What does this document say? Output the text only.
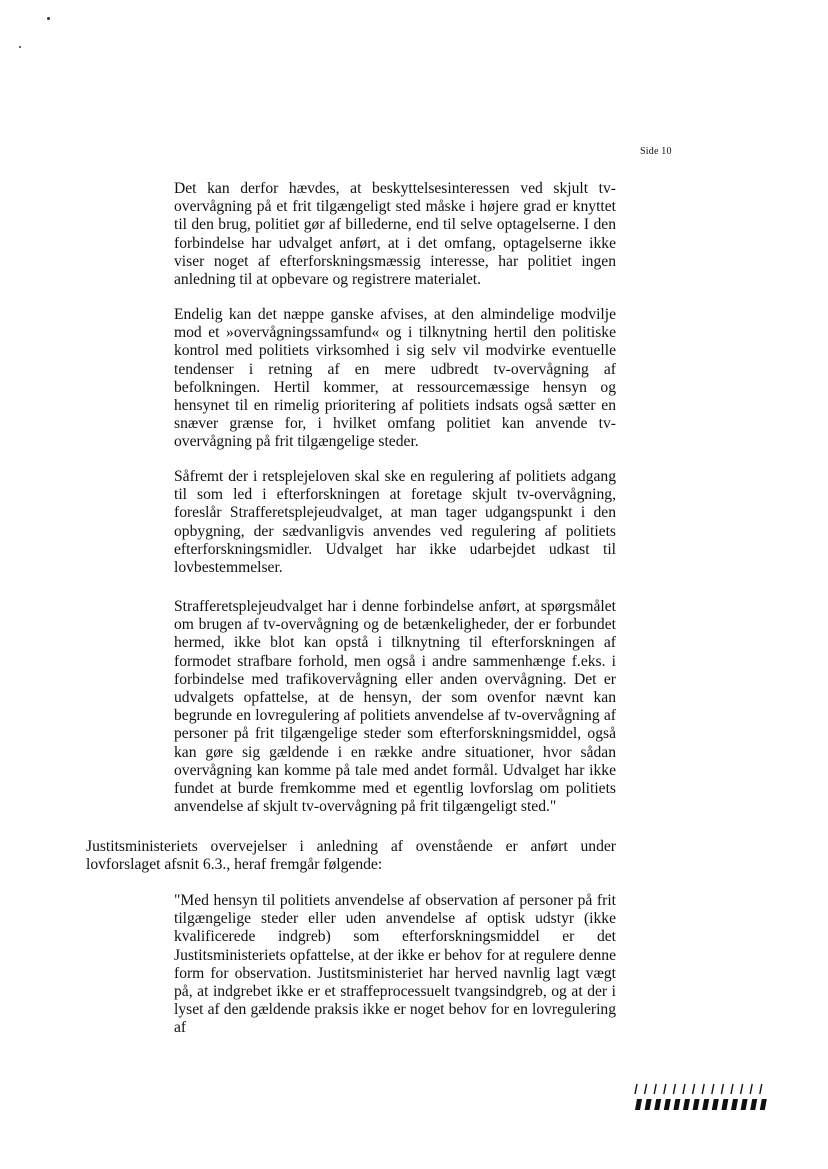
Side 10

Det kan derfor hævdes, at beskyttelsesinteressen ved skjult tv-overvågning på et frit tilgængeligt sted måske i højere grad er knyttet til den brug, politiet gør af billederne, end til selve optagelserne. I den forbindelse har udvalget anført, at i det omfang, optagelserne ikke viser noget af efterforskningsmæssig interesse, har politiet ingen anledning til at opbevare og registrere materialet.

Endelig kan det næppe ganske afvises, at den almindelige modvilje mod et »overvågningssamfund« og i tilknytning hertil den politiske kontrol med politiets virksomhed i sig selv vil modvirke eventuelle tendenser i retning af en mere udbredt tv-overvågning af befolkningen. Hertil kommer, at ressourcemæssige hensyn og hensynet til en rimelig prioritering af politiets indsats også sætter en snæver grænse for, i hvilket omfang politiet kan anvende tv-overvågning på frit tilgængelige steder.

Såfremt der i retsplejeloven skal ske en regulering af politiets adgang til som led i efterforskningen at foretage skjult tv-overvågning, foreslår Strafferetsplejeudvalget, at man tager udgangspunkt i den opbygning, der sædvanligvis anvendes ved regulering af politiets efterforskningsmidler. Udvalget har ikke udarbejdet udkast til lovbestemmelser.

Strafferetsplejeudvalget har i denne forbindelse anført, at spørgsmålet om brugen af tv-overvågning og de betænkeligheder, der er forbundet hermed, ikke blot kan opstå i tilknytning til efterforskningen af formodet strafbare forhold, men også i andre sammenhænge f.eks. i forbindelse med trafikovervågning eller anden overvågning. Det er udvalgets opfattelse, at de hensyn, der som ovenfor nævnt kan begrunde en lovregulering af politiets anvendelse af tv-overvågning af personer på frit tilgængelige steder som efterforskningsmiddel, også kan gøre sig gældende i en række andre situationer, hvor sådan overvågning kan komme på tale med andet formål. Udvalget har ikke fundet at burde fremkomme med et egentlig lovforslag om politiets anvendelse af skjult tv-overvågning på frit tilgængeligt sted."

Justitsministeriets overvejelser i anledning af ovenstående er anført under lovforslaget afsnit 6.3., heraf fremgår følgende:

"Med hensyn til politiets anvendelse af observation af personer på frit tilgængelige steder eller uden anvendelse af optisk udstyr (ikke kvalificerede indgreb) som efterforskningsmiddel er det Justitsministeriets opfattelse, at der ikke er behov for at regulere denne form for observation. Justitsministeriet har herved navnlig lagt vægt på, at indgrebet ikke er et straffeprocessuelt tvangsindgreb, og at der i lyset af den gældende praksis ikke er noget behov for en lovregulering af
